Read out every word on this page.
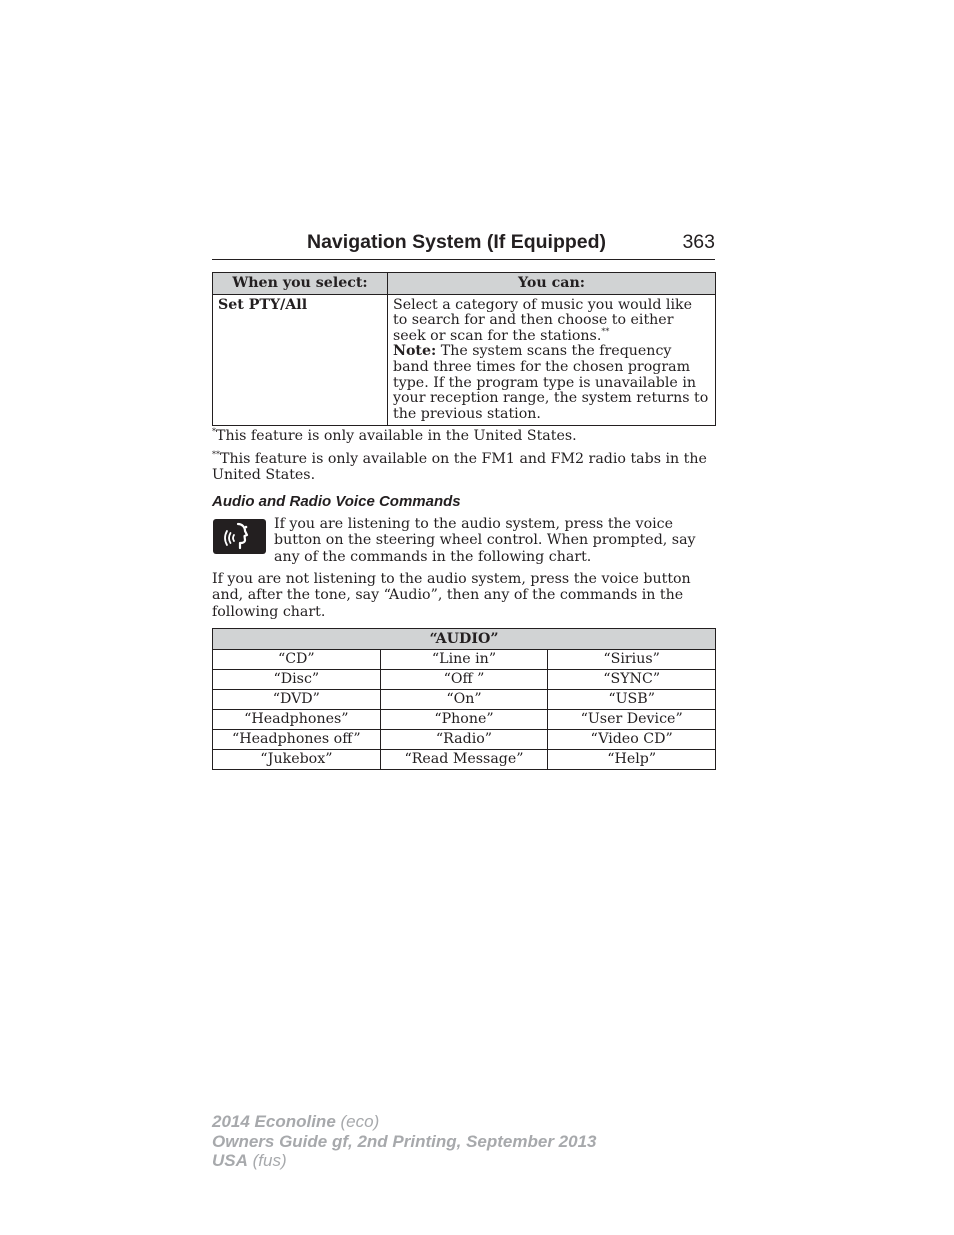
Navigation System (If Equipped)	363
When you select:	You can:
Set PTY/All	Select a category of music you would like to search for and then choose to either seek or scan for the stations.**
Note: The system scans the frequency band three times for the chosen program type. If the program type is unavailable in your reception range, the system returns to the previous station.
*This feature is only available in the United States.
**This feature is only available on the FM1 and FM2 radio tabs in the United States.
Audio and Radio Voice Commands
If you are listening to the audio system, press the voice button on the steering wheel control. When prompted, say any of the commands in the following chart.
If you are not listening to the audio system, press the voice button and, after the tone, say “Audio”, then any of the commands in the following chart.
“AUDIO”		
“CD”	“Line in”	“Sirius”
“Disc”	“Off ”	“SYNC”
“DVD”	“On”	“USB”
“Headphones”	“Phone”	“User Device”
“Headphones off”	“Radio”	“Video CD”
“Jukebox”	“Read Message”	“Help”
2014 Econoline (eco)
Owners Guide gf, 2nd Printing, September 2013
USA (fus)
